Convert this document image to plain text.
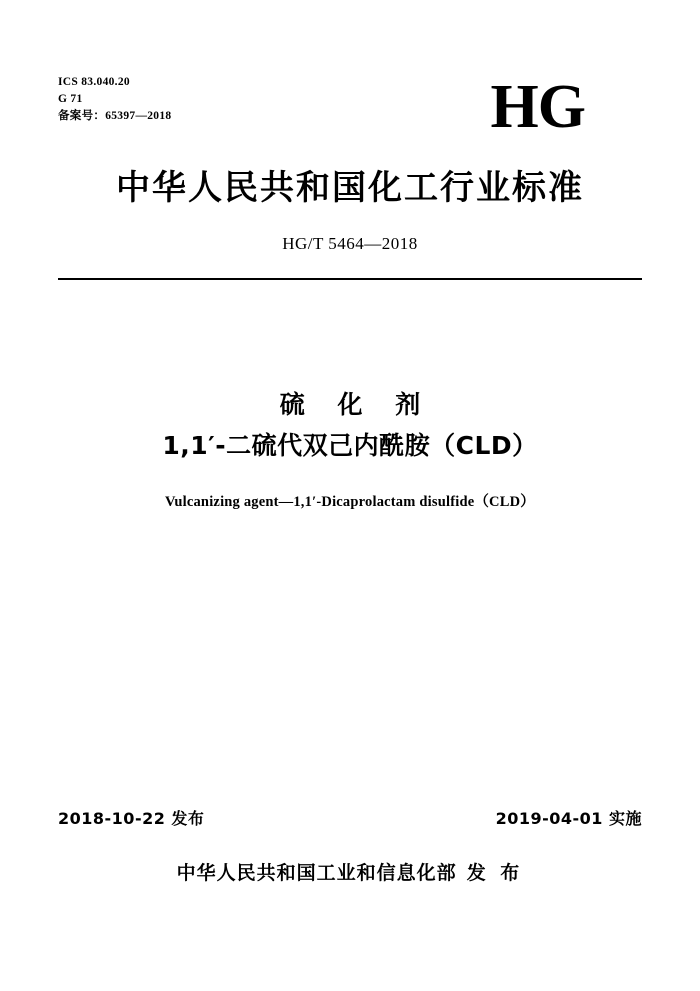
ICS 83.040.20
G 71
备案号：65397—2018	HG
中华人民共和国化工行业标准
HG/T 5464—2018
硫 化 剂
1,1′-二硫代双己内酰胺（CLD）
Vulcanizing agent—1,1′-Dicaprolactam disulfide（CLD）
2018-10-22 发布	2019-04-01 实施
中华人民共和国工业和信息化部 发 布
